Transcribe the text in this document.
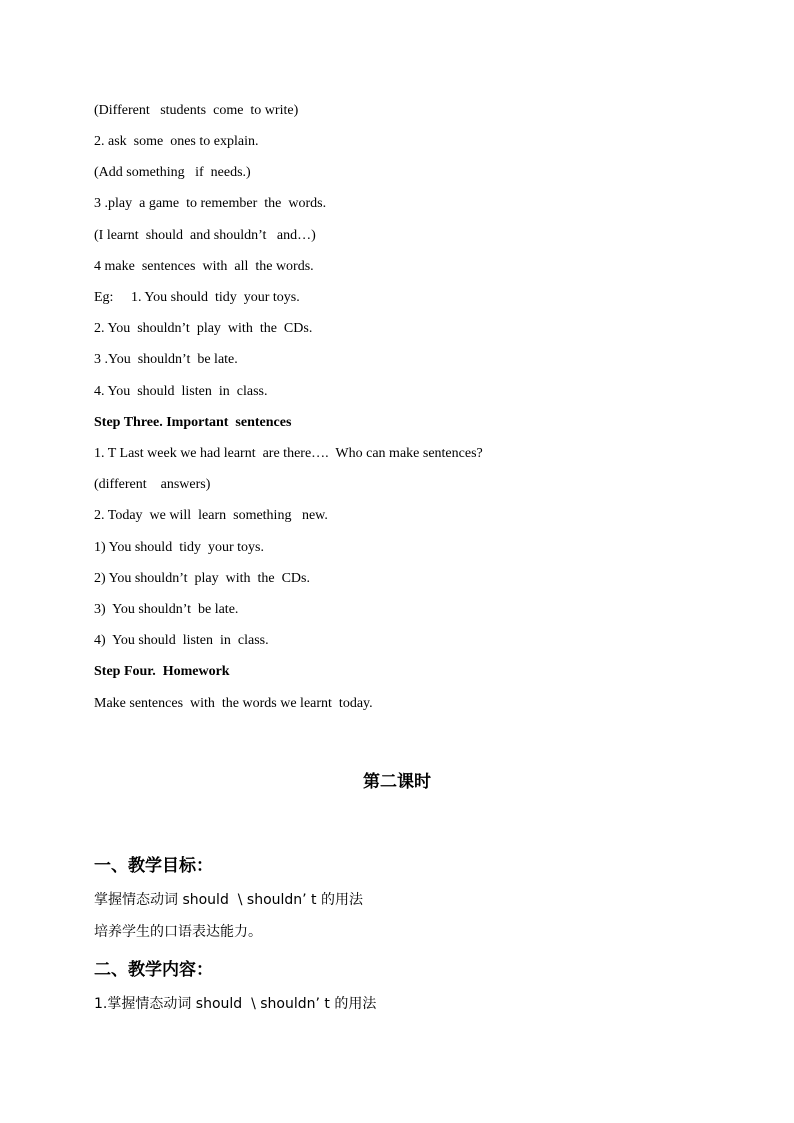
(Different   students  come  to write)
2. ask  some  ones to explain.
(Add something   if  needs.)
3 .play  a game  to remember  the  words.
(I learnt  should  and shouldn’t   and…)
4 make  sentences  with  all  the words.
Eg:     1. You should  tidy  your toys.
2. You  shouldn’t  play  with  the  CDs.
3 .You  shouldn’t  be late.
4. You  should  listen  in  class.
Step Three. Important  sentences
1. T Last week we had learnt  are there….  Who can make sentences?
(different    answers)
2. Today  we will  learn  something   new.
1) You should  tidy  your toys.
2) You shouldn’t  play  with  the  CDs.
3)  You shouldn’t  be late.
4)  You should  listen  in  class.
Step Four.  Homework
Make sentences  with  the words we learnt  today.
第二课时
一、教学目标：
掌握情态动词 should  \ shouldn’ t 的用法
培养学生的口语表达能力。
二、教学内容：
1.掌握情态动词 should  \ shouldn’ t 的用法
